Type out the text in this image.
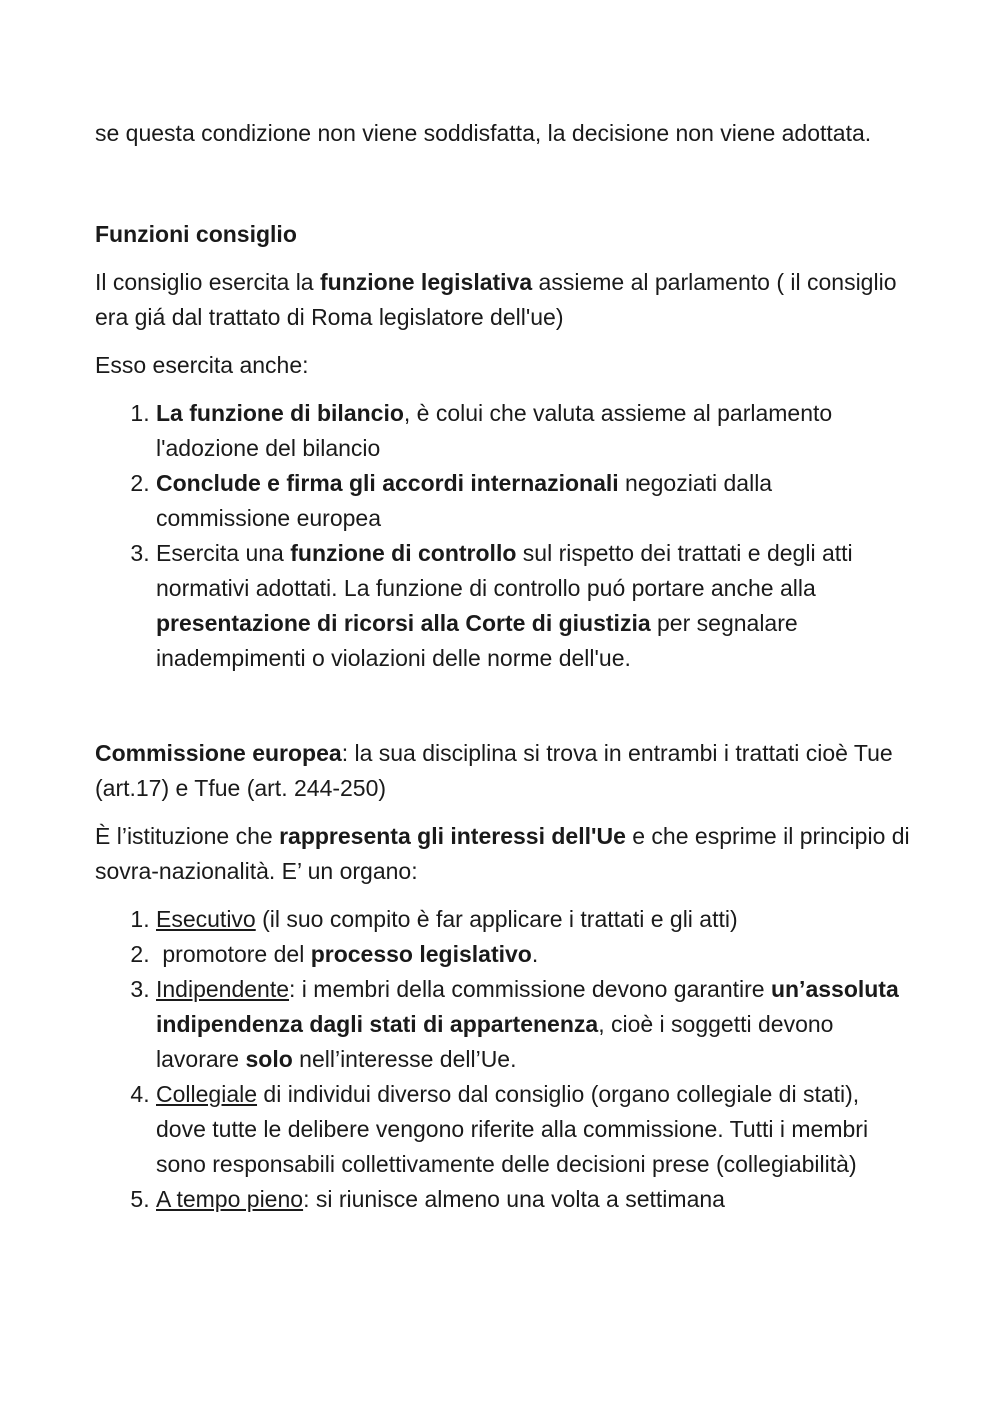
se questa condizione non viene soddisfatta, la decisione non viene adottata.

Funzioni consiglio

Il consiglio esercita la funzione legislativa assieme al parlamento ( il consiglio era giá dal trattato di Roma legislatore dell'ue)

Esso esercita anche:

1. La funzione di bilancio, è colui che valuta assieme al parlamento l'adozione del bilancio
2. Conclude e firma gli accordi internazionali negoziati dalla commissione europea
3. Esercita una funzione di controllo sul rispetto dei trattati e degli atti normativi adottati. La funzione di controllo puó portare anche alla presentazione di ricorsi alla Corte di giustizia per segnalare inadempimenti o violazioni delle norme dell'ue.

Commissione europea: la sua disciplina si trova in entrambi i trattati cioè Tue (art.17) e Tfue (art. 244-250)

È l’istituzione che rappresenta gli interessi dell'Ue e che esprime il principio di sovra-nazionalità. E’ un organo:

1. Esecutivo (il suo compito è far applicare i trattati e gli atti)
2.  promotore del processo legislativo.
3. Indipendente: i membri della commissione devono garantire un’assoluta indipendenza dagli stati di appartenenza, cioè i soggetti devono lavorare solo nell’interesse dell’Ue.
4. Collegiale di individui diverso dal consiglio (organo collegiale di stati), dove tutte le delibere vengono riferite alla commissione. Tutti i membri sono responsabili collettivamente delle decisioni prese (collegiabilità)
5. A tempo pieno: si riunisce almeno una volta a settimana
